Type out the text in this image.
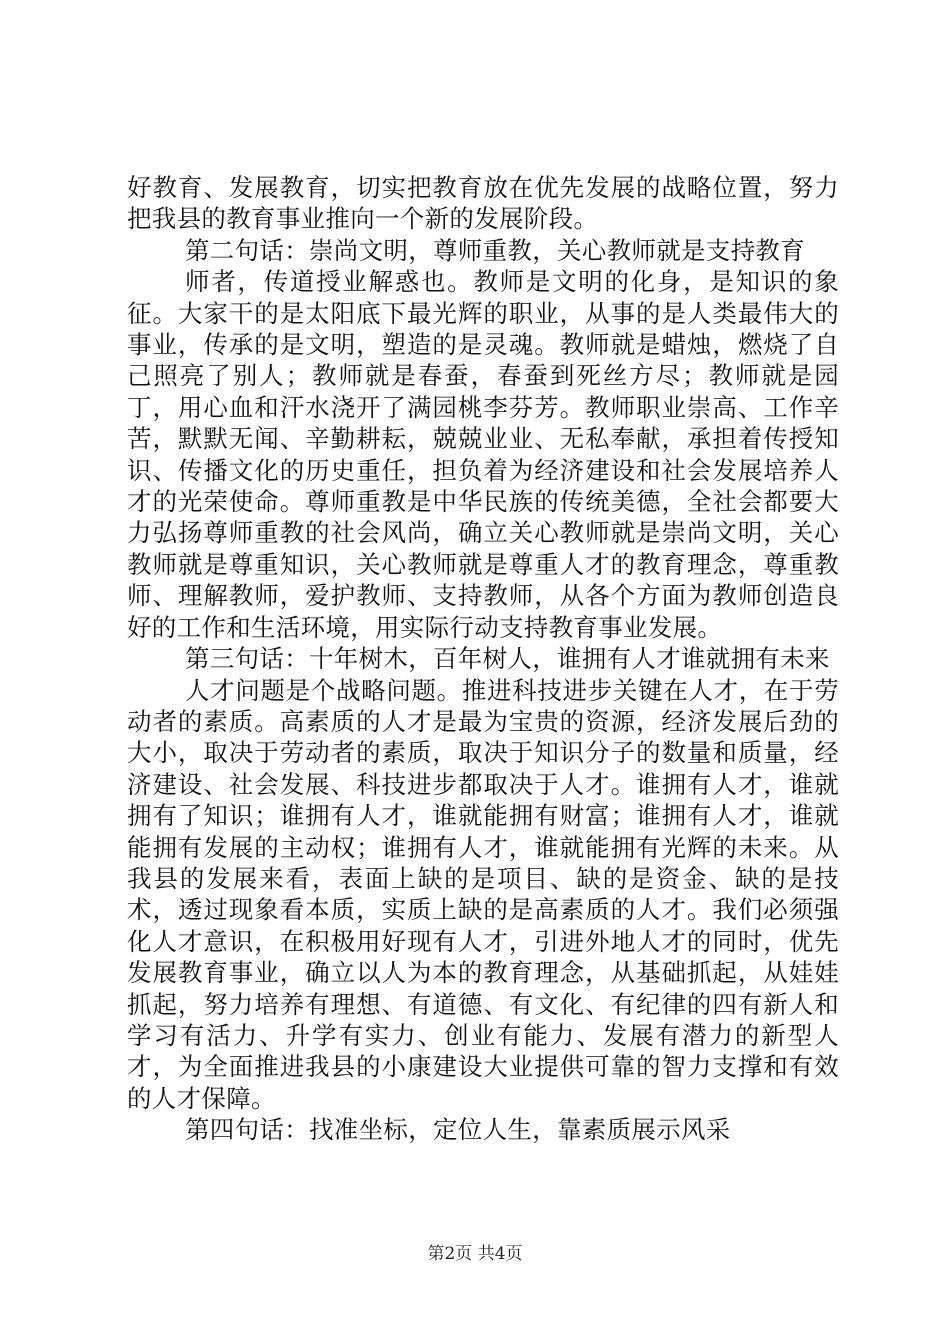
好教育、发展教育，切实把教育放在优先发展的战略位置，努力把我县的教育事业推向一个新的发展阶段。

第二句话：崇尚文明，尊师重教，关心教师就是支持教育

师者，传道授业解惑也。教师是文明的化身，是知识的象征。大家干的是太阳底下最光辉的职业，从事的是人类最伟大的事业，传承的是文明，塑造的是灵魂。教师就是蜡烛，燃烧了自己照亮了别人；教师就是春蚕，春蚕到死丝方尽；教师就是园丁，用心血和汗水浇开了满园桃李芬芳。教师职业崇高、工作辛苦，默默无闻、辛勤耕耘，兢兢业业、无私奉献，承担着传授知识、传播文化的历史重任，担负着为经济建设和社会发展培养人才的光荣使命。尊师重教是中华民族的传统美德，全社会都要大力弘扬尊师重教的社会风尚，确立关心教师就是崇尚文明，关心教师就是尊重知识，关心教师就是尊重人才的教育理念，尊重教师、理解教师，爱护教师、支持教师，从各个方面为教师创造良好的工作和生活环境，用实际行动支持教育事业发展。

第三句话：十年树木，百年树人，谁拥有人才谁就拥有未来

人才问题是个战略问题。推进科技进步关键在人才，在于劳动者的素质。高素质的人才是最为宝贵的资源，经济发展后劲的大小，取决于劳动者的素质，取决于知识分子的数量和质量，经济建设、社会发展、科技进步都取决于人才。谁拥有人才，谁就拥有了知识；谁拥有人才，谁就能拥有财富；谁拥有人才，谁就能拥有发展的主动权；谁拥有人才，谁就能拥有光辉的未来。从我县的发展来看，表面上缺的是项目、缺的是资金、缺的是技术，透过现象看本质，实质上缺的是高素质的人才。我们必须强化人才意识，在积极用好现有人才，引进外地人才的同时，优先发展教育事业，确立以人为本的教育理念，从基础抓起，从娃娃抓起，努力培养有理想、有道德、有文化、有纪律的四有新人和学习有活力、升学有实力、创业有能力、发展有潜力的新型人才，为全面推进我县的小康建设大业提供可靠的智力支撑和有效的人才保障。

第四句话：找准坐标，定位人生，靠素质展示风采

第2页 共4页
